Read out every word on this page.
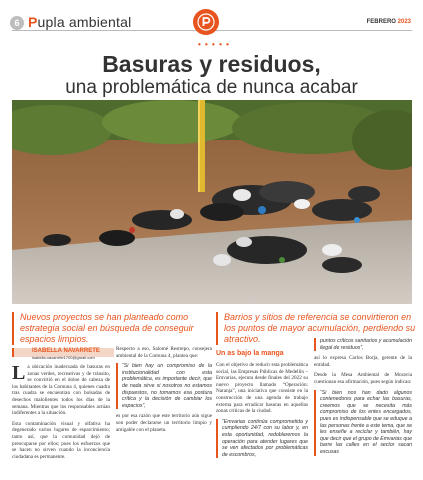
6 Pupla ambiental
• • • • •
FEBRERO 2023
Basuras y residuos,
una problemática de nunca acabar
Nuevos proyectos se han planteado como estrategia social en búsqueda de conseguir espacios limpios.
Barrios y sitios de referencia se convirtieron en los puntos de mayor acumulación, perdiendo su atractivo.
ISABELLA NAVARRETE
isabella.navarrete1700@gmail.com

La ubicación inadecuada de basuras en zonas verdes, recreativas y de tránsito, se convirtió en el doloe de cabeza de los habitantes de la Comuna 4, quienes cuadra tras cuadra se encuentran con bolsadas de desechos malolientes todos los días de la semana. Mientras que los responsables actúan indiferentes a la situación.

Esta contaminación visual y olfativa ha degenerado varios lugares de esparcimiento; tanto así, que la comunidad dejó de preocuparse por ellos; pues los esfuerzos que se hacen no sirven cuando la inconciencia ciudadana es permanente.

Respecto a eso, Salomé Restrepo, consejera ambiental de la Comuna 4, plantea que:

“Si bien hay un compromiso de la institucionalidad con esta problemática, es importante decir, que de nada sirve si nosotros no estamos dispuestos, no tomamos esa postura crítica y la decisión de cambiar los espacios”,

es por esa razón que este territorio aún sigue son poder declararse un territorio limpio y amigable con el planeta.

Un as bajo la manga

Con el objetivo de reducir esta problemática social, las Empresas Públicas de Medellín – Emvarias, ejecuta desde finales del 2022 su nuevo proyecto llamado “Operación: Naranja”, una iniciativa que consiste en la construcción de una agenda de trabajo externa para erradicar basuras en aquellas zonas críticas de la ciudad.

“Emvarias continúa comprometida y cumpliendo 24/7 con su labor y, en esta oportunidad, redoblaremos la operación para atender lugares que se ven afectados por problemáticas de escombros,
puntos críticos sanitarios y acumulación ilegal de residuos”,

así lo expresa Carlos Borja, gerente de la entidad.

Desde la Mesa Ambiental de Moravia cuestionan esa afirmación, pues según indican:

“Si bien nos han dado algunos contenedores para echar las basuras, creemos que se necesita más compromiso de los entes encargados, pues es indispensable que se eduque a las personas frente a este tema, que se les enseñe a reciclar y también, hay que decir que el grupo de Emvarias que barre las calles en el sector sacan excusas
